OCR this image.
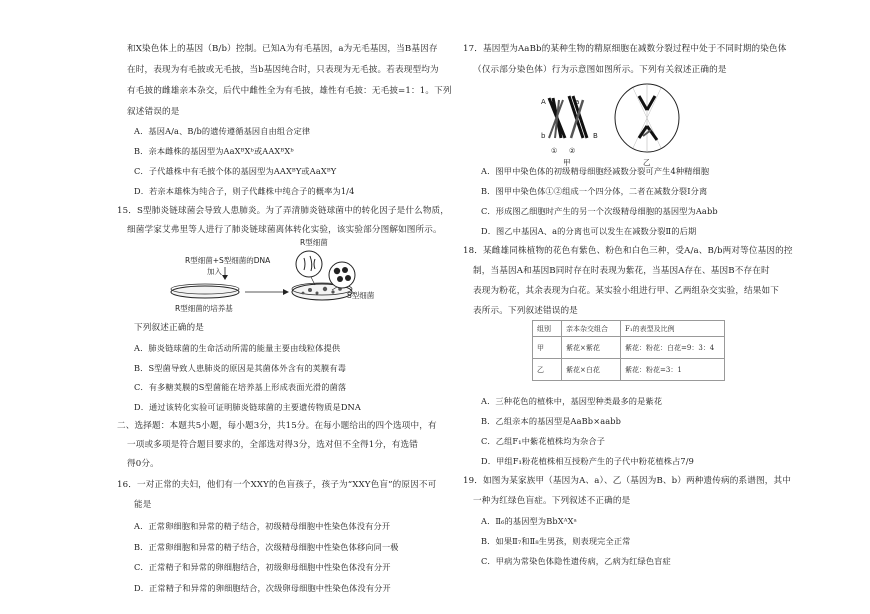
和X染色体上的基因（B/b）控制。已知A为有毛基因，a为无毛基因，当B基因存
在时，表现为有毛披或无毛披，当b基因纯合时，只表现为无毛披。若表现型均为
有毛披的雌雄亲本杂交，后代中雌性全为有毛披，雄性有毛披：无毛披=1：1。下列
叙述错误的是
A．基因A/a、B/b的遗传遵循基因自由组合定律
B．亲本雌株的基因型为AaXᴮXᵇ或AAXᴮXᵇ
C．子代雄株中有毛披个体的基因型为AAXᴮY或AaXᴮY
D．若亲本雄株为纯合子，则子代雌株中纯合子的概率为1/4
15．S型肺炎链球菌会导致人患肺炎。为了弄清肺炎链球菌中的转化因子是什么物质，
细菌学家艾弗里等人进行了肺炎链球菌离体转化实验，该实验部分图解如图所示。
R型细菌+S型细菌的DNA
加入
R型细菌的培养基
R型细菌
S型细菌
下列叙述正确的是
A．肺炎链球菌的生命活动所需的能量主要由线粒体提供
B．S型菌导致人患肺炎的原因是其菌体外含有的荚膜有毒
C．有多糖荚膜的S型菌能在培养基上形成表面光滑的菌落
D．通过该转化实验可证明肺炎链球菌的主要遗传物质是DNA
二、选择题：本题共5小题，每小题3分，共15分。在每小题给出的四个选项中，有
一项或多项是符合题目要求的，全部选对得3分，选对但不全得1分，有选错
得0分。
16．一对正常的夫妇，他们有一个XXY的色盲孩子，孩子为“XXY色盲”的原因不可
能是
A．正常卵细胞和异常的精子结合，初级精母细胞中性染色体没有分开
B．正常卵细胞和异常的精子结合，次级精母细胞中性染色体移向同一极
C．正常精子和异常的卵细胞结合，初级卵母细胞中性染色体没有分开
D．正常精子和异常的卵细胞结合，次级卵母细胞中性染色体没有分开
17．基因型为AaBb的某种生物的精原细胞在减数分裂过程中处于不同时期的染色体
（仅示部分染色体）行为示意图如图所示。下列有关叙述正确的是
A
b
a
B
① ②
甲	乙
A．图甲中染色体的初级精母细胞经减数分裂可产生4种精细胞
B．图甲中染色体①②组成一个四分体，二者在减数分裂Ⅰ分离
C．形成图乙细胞时产生的另一个次级精母细胞的基因型为Aabb
D．图乙中基因A、a的分离也可以发生在减数分裂Ⅱ的后期
18．某雌雄同株植物的花色有紫色、粉色和白色三种，受A/a、B/b两对等位基因的控
制，当基因A和基因B同时存在时表现为紫花，当基因A存在、基因B不存在时
表现为粉花，其余表现为白花。某实验小组进行甲、乙两组杂交实验，结果如下
表所示。下列叙述错误的是
组别	亲本杂交组合	F₁的表型及比例
甲	紫花×紫花	紫花：粉花：白花=9：3：4
乙	紫花×白花	紫花：粉花=3：1
A．三种花色的植株中，基因型种类最多的是紫花
B．乙组亲本的基因型是AaBb×aabb
C．乙组F₁中紫花植株均为杂合子
D．甲组F₁粉花植株相互授粉产生的子代中粉花植株占7/9
19．如图为某家族甲（基因为A、a）、乙（基因为B、b）两种遗传病的系谱图，其中
一种为红绿色盲症。下列叙述不正确的是
A．Ⅱ₆的基因型为BbXᴬXᵃ
B．如果Ⅱ₇和Ⅱ₈生男孩，则表现完全正常
C．甲病为常染色体隐性遗传病，乙病为红绿色盲症
